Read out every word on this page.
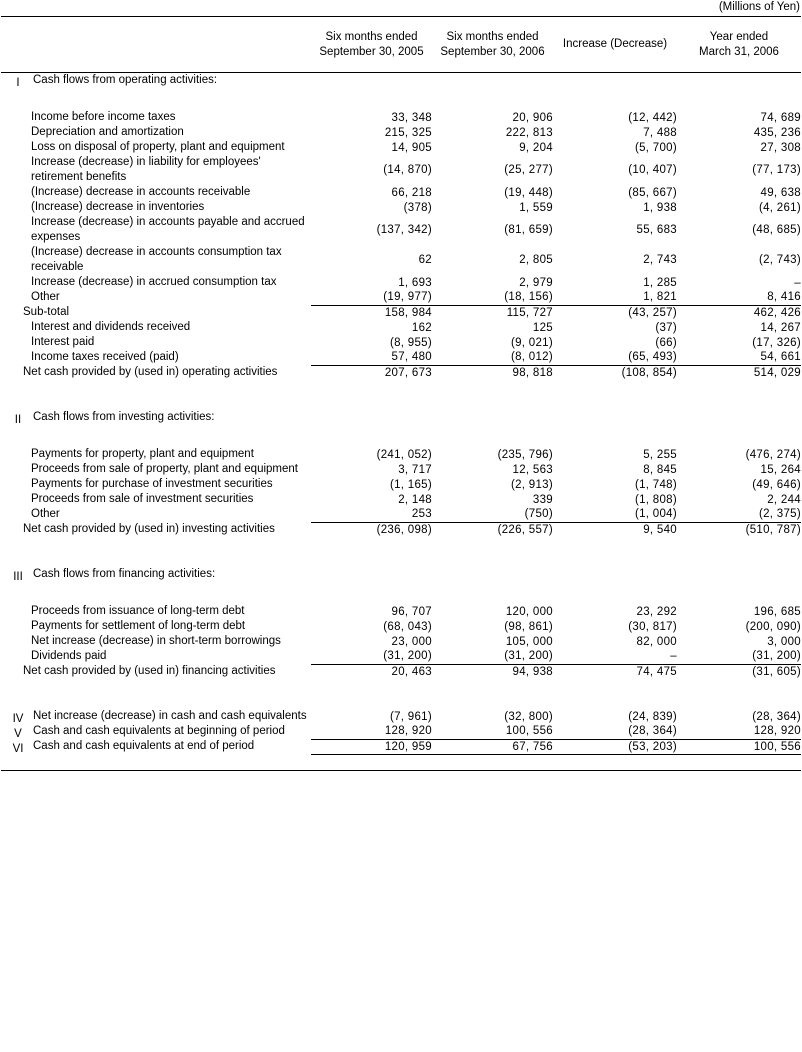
(Millions of Yen)
	Six months ended
September 30, 2005	Six months ended
September 30, 2006	Increase (Decrease)	Year ended
March 31, 2006

I Cash flows from operating activities:				

Income before income taxes	33, 348	20, 906	(12, 442)	74, 689

Depreciation and amortization	215, 325	222, 813	7, 488	435, 236

Loss on disposal of property, plant and equipment	14, 905	9, 204	(5, 700)	27, 308

Increase (decrease) in liability for employees' retirement benefits	(14, 870)	(25, 277)	(10, 407)	(77, 173)

(Increase) decrease in accounts receivable	66, 218	(19, 448)	(85, 667)	49, 638

(Increase) decrease in inventories	(378)	1, 559	1, 938	(4, 261)

Increase (decrease) in accounts payable and accrued expenses	(137, 342)	(81, 659)	55, 683	(48, 685)

(Increase) decrease in accounts consumption tax receivable	62	2, 805	2, 743	(2, 743)

Increase (decrease) in accrued consumption tax	1, 693	2, 979	1, 285	–

Other	(19, 977)	(18, 156)	1, 821	8, 416

Sub-total	158, 984	115, 727	(43, 257)	462, 426

Interest and dividends received	162	125	(37)	14, 267

Interest paid	(8, 955)	(9, 021)	(66)	(17, 326)

Income taxes received (paid)	57, 480	(8, 012)	(65, 493)	54, 661

Net cash provided by (used in) operating activities	207, 673	98, 818	(108, 854)	514, 029

II Cash flows from investing activities:				

Payments for property, plant and equipment	(241, 052)	(235, 796)	5, 255	(476, 274)

Proceeds from sale of property, plant and equipment	3, 717	12, 563	8, 845	15, 264

Payments for purchase of investment securities	(1, 165)	(2, 913)	(1, 748)	(49, 646)

Proceeds from sale of investment securities	2, 148	339	(1, 808)	2, 244

Other	253	(750)	(1, 004)	(2, 375)

Net cash provided by (used in) investing activities	(236, 098)	(226, 557)	9, 540	(510, 787)

III Cash flows from financing activities:				

Proceeds from issuance of long-term debt	96, 707	120, 000	23, 292	196, 685

Payments for settlement of long-term debt	(68, 043)	(98, 861)	(30, 817)	(200, 090)

Net increase (decrease) in short-term borrowings	23, 000	105, 000	82, 000	3, 000

Dividends paid	(31, 200)	(31, 200)	–	(31, 200)

Net cash provided by (used in) financing activities	20, 463	94, 938	74, 475	(31, 605)

IV Net increase (decrease) in cash and cash equivalents	(7, 961)	(32, 800)	(24, 839)	(28, 364)

V Cash and cash equivalents at beginning of period	128, 920	100, 556	(28, 364)	128, 920

VI Cash and cash equivalents at end of period	120, 959	67, 756	(53, 203)	100, 556
